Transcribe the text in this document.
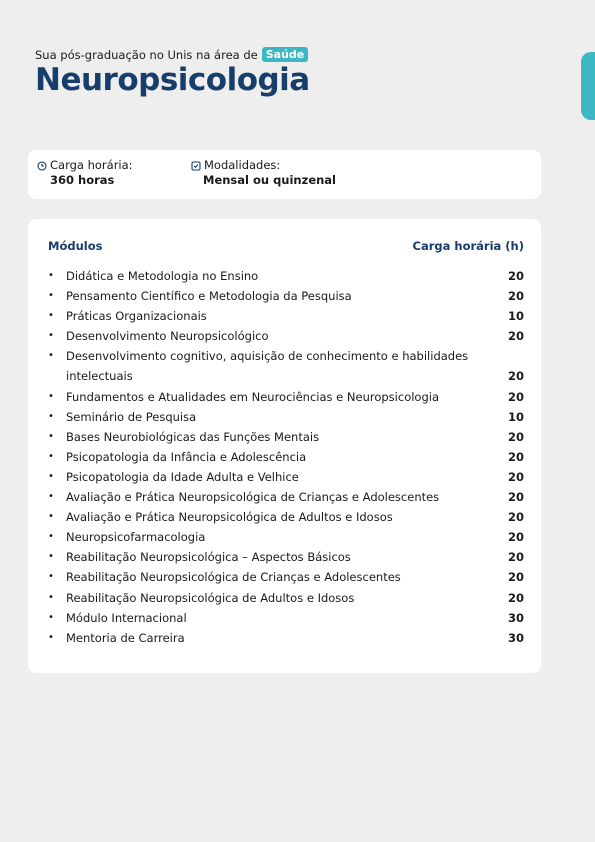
Sua pós-graduação no Unis na área de Saúde
Neuropsicologia
Carga horária:
360 horas
Modalidades:
Mensal ou quinzenal
Módulos	Carga horária (h)
•	Didática e Metodologia no Ensino	20
•	Pensamento Científico e Metodologia da Pesquisa	20
•	Práticas Organizacionais	10
•	Desenvolvimento Neuropsicológico	20
•	Desenvolvimento cognitivo, aquisição de conhecimento e habilidades intelectuais	20
•	Fundamentos e Atualidades em Neurociências e Neuropsicologia	20
•	Seminário de Pesquisa	10
•	Bases Neurobiológicas das Funções Mentais	20
•	Psicopatologia da Infância e Adolescência	20
•	Psicopatologia da Idade Adulta e Velhice	20
•	Avaliação e Prática Neuropsicológica de Crianças e Adolescentes	20
•	Avaliação e Prática Neuropsicológica de Adultos e Idosos	20
•	Neuropsicofarmacologia	20
•	Reabilitação Neuropsicológica – Aspectos Básicos	20
•	Reabilitação Neuropsicológica de Crianças e Adolescentes	20
•	Reabilitação Neuropsicológica de Adultos e Idosos	20
•	Módulo Internacional	30
•	Mentoria de Carreira	30
